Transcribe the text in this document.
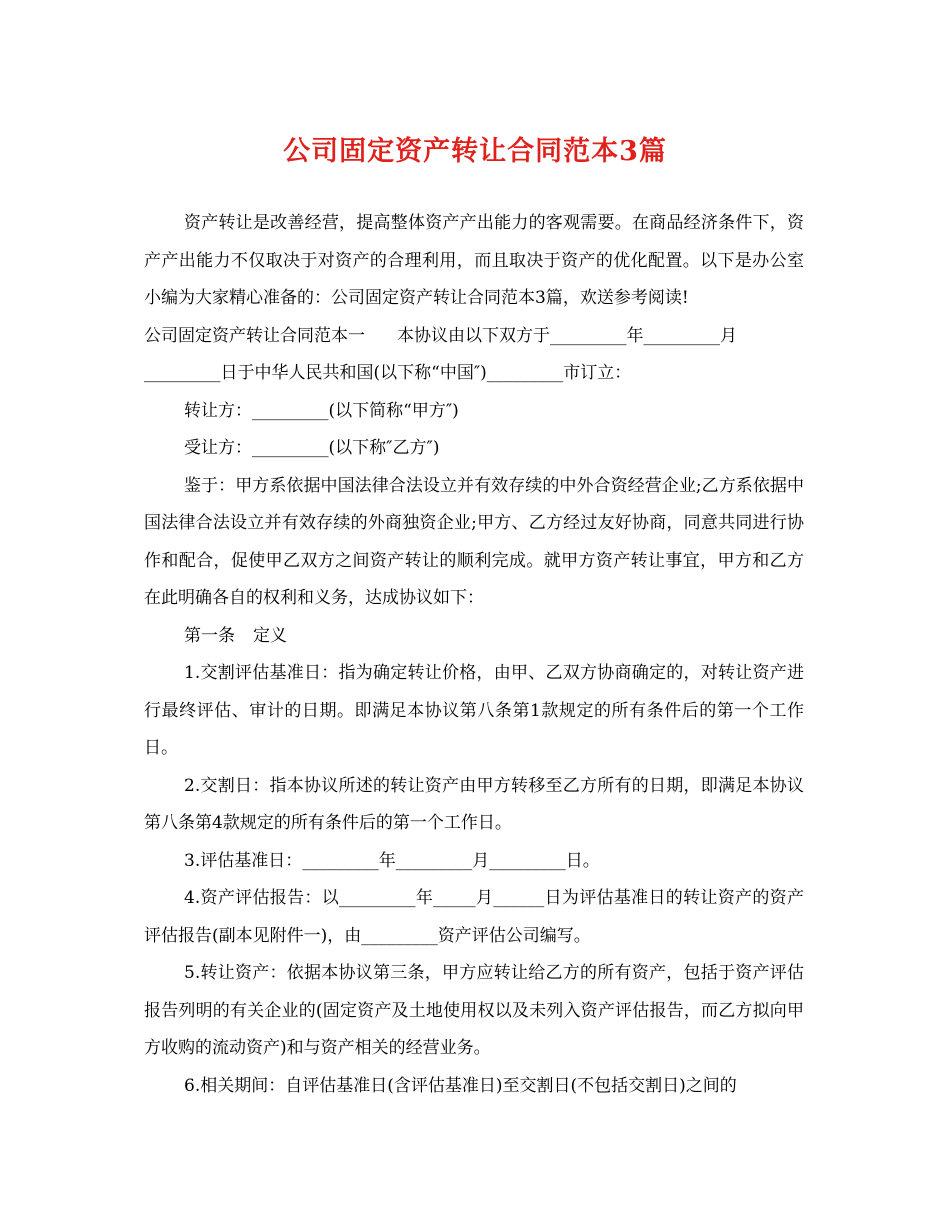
公司固定资产转让合同范本3篇

资产转让是改善经营，提高整体资产产出能力的客观需要。在商品经济条件下，资产产出能力不仅取决于对资产的合理利用，而且取决于资产的优化配置。以下是办公室小编为大家精心准备的：公司固定资产转让合同范本3篇，欢送参考阅读!

公司固定资产转让合同范本一 本协议由以下双方于_________年_________月

_________日于中华人民共和国(以下称“中国″)_________市订立：

转让方：_________(以下简称“甲方″)

受让方：_________(以下称″乙方″)

鉴于：甲方系依据中国法律合法设立并有效存续的中外合资经营企业;乙方系依据中国法律合法设立并有效存续的外商独资企业;甲方、乙方经过友好协商，同意共同进行协作和配合，促使甲乙双方之间资产转让的顺利完成。就甲方资产转让事宜，甲方和乙方在此明确各自的权利和义务，达成协议如下：

第一条 定义

1.交割评估基准日：指为确定转让价格，由甲、乙双方协商确定的，对转让资产进行最终评估、审计的日期。即满足本协议第八条第1款规定的所有条件后的第一个工作日。

2.交割日：指本协议所述的转让资产由甲方转移至乙方所有的日期，即满足本协议第八条第4款规定的所有条件后的第一个工作日。

3.评估基准日：_________年_________月_________日。

4.资产评估报告：以_________年_____月______日为评估基准日的转让资产的资产评估报告(副本见附件一)，由_________资产评估公司编写。

5.转让资产：依据本协议第三条，甲方应转让给乙方的所有资产，包括于资产评估报告列明的有关企业的(固定资产及土地使用权以及未列入资产评估报告，而乙方拟向甲方收购的流动资产)和与资产相关的经营业务。

6.相关期间：自评估基准日(含评估基准日)至交割日(不包括交割日)之间的
